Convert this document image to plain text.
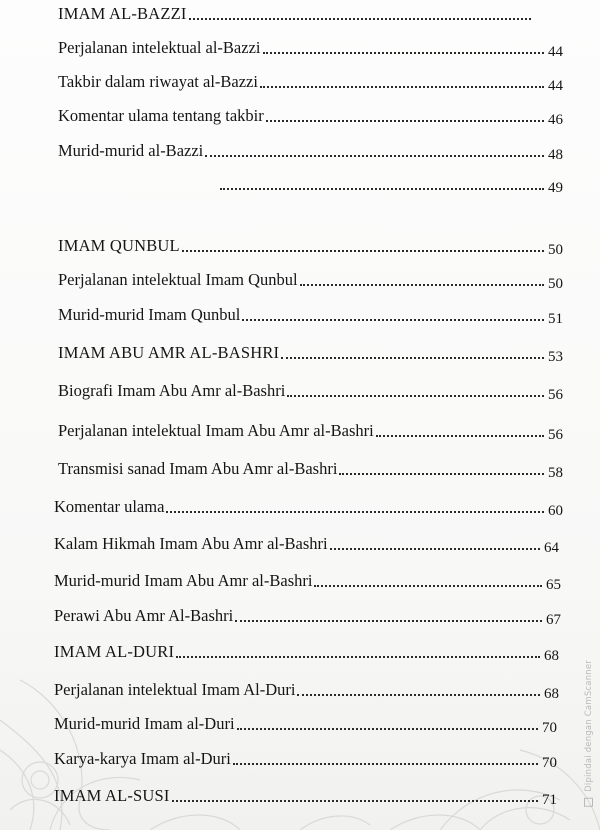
IMAM AL-BAZZI
Perjalanan intelektual al-Bazzi	44
Takbir dalam riwayat al-Bazzi	44
Komentar ulama tentang takbir	46
Murid-murid al-Bazzi	48
49
IMAM QUNBUL	50
Perjalanan intelektual Imam Qunbul	50
Murid-murid Imam Qunbul	51
IMAM ABU AMR AL-BASHRI	53
Biografi Imam Abu Amr al-Bashri	56
Perjalanan intelektual Imam Abu Amr al-Bashri	56
Transmisi sanad Imam Abu Amr al-Bashri	58
Komentar ulama	60
Kalam Hikmah Imam Abu Amr al-Bashri	64
Murid-murid Imam Abu Amr al-Bashri	65
Perawi Abu Amr Al-Bashri	67
IMAM AL-DURI	68
Perjalanan intelektual Imam Al-Duri	68
Murid-murid Imam al-Duri	70
Karya-karya Imam al-Duri	70
IMAM AL-SUSI	71
Dipindai dengan CamScanner
